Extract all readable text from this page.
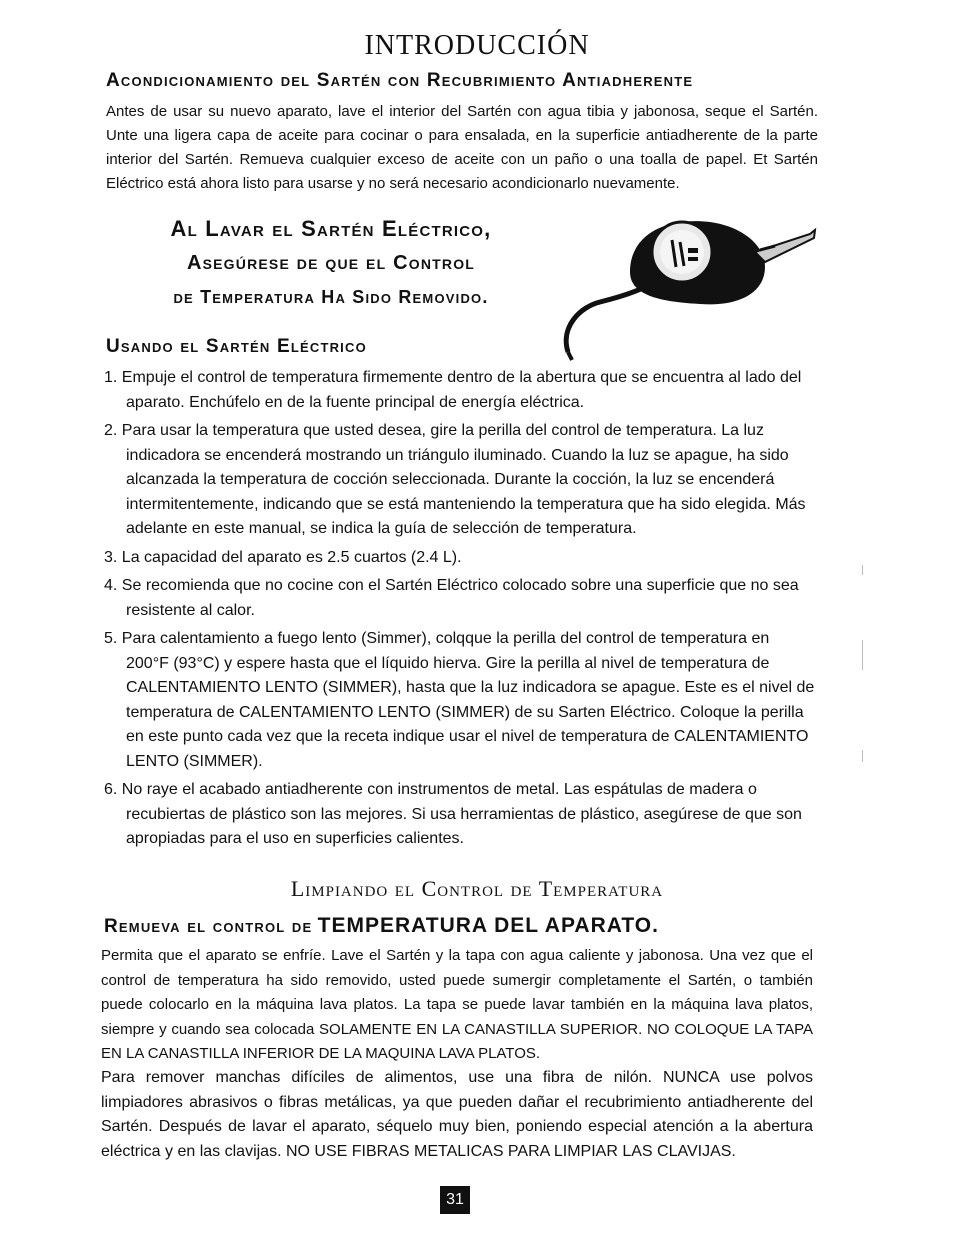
INTRODUCCIÓN
Acondicionamiento del Sartén con Recubrimiento Antiadherente
Antes de usar su nuevo aparato, lave el interior del Sartén con agua tibia y jabonosa, seque el Sartén. Unte una ligera capa de aceite para cocinar o para ensalada, en la superficie antiadherente de la parte interior del Sartén. Remueva cualquier exceso de aceite con un paño o una toalla de papel. Et Sartén Eléctrico está ahora listo para usarse y no será necesario acondicionarlo nuevamente.
Al Lavar el Sartén Eléctrico,
Asegúrese de que el Control
de Temperatura Ha Sido Removido.
Usando el Sartén Eléctrico
1. Empuje el control de temperatura firmemente dentro de la abertura que se encuentra al lado del aparato. Enchúfelo en de la fuente principal de energía eléctrica.
2. Para usar la temperatura que usted desea, gire la perilla del control de temperatura. La luz indicadora se encenderá mostrando un triángulo iluminado. Cuando la luz se apague, ha sido alcanzada la temperatura de cocción seleccionada. Durante la cocción, la luz se encenderá intermitentemente, indicando que se está manteniendo la temperatura que ha sido elegida. Más adelante en este manual, se indica la guía de selección de temperatura.
3. La capacidad del aparato es 2.5 cuartos (2.4 L).
4. Se recomienda que no cocine con el Sartén Eléctrico colocado sobre una superficie que no sea resistente al calor.
5. Para calentamiento a fuego lento (Simmer), colqque la perilla del control de temperatura en 200°F (93°C) y espere hasta que el líquido hierva. Gire la perilla al nivel de temperatura de CALENTAMIENTO LENTO (SIMMER), hasta que la luz indicadora se apague. Este es el nivel de temperatura de CALENTAMIENTO LENTO (SIMMER) de su Sarten Eléctrico. Coloque la perilla en este punto cada vez que la receta indique usar el nivel de temperatura de CALENTAMIENTO LENTO (SIMMER).
6. No raye el acabado antiadherente con instrumentos de metal. Las espátulas de madera o recubiertas de plástico son las mejores. Si usa herramientas de plástico, asegúrese de que son apropiadas para el uso en superficies calientes.
Limpiando el Control de Temperatura
Remueva el control de TEMPERATURA DEL APARATO.
Permita que el aparato se enfríe. Lave el Sartén y la tapa con agua caliente y jabonosa. Una vez que el control de temperatura ha sido removido, usted puede sumergir completamente el Sartén, o también puede colocarlo en la máquina lava platos. La tapa se puede lavar también en la máquina lava platos, siempre y cuando sea colocada SOLAMENTE EN LA CANASTILLA SUPERIOR. NO COLOQUE LA TAPA EN LA CANASTILLA INFERIOR DE LA MAQUINA LAVA PLATOS.
Para remover manchas difíciles de alimentos, use una fibra de nilón. NUNCA use polvos limpiadores abrasivos o fibras metálicas, ya que pueden dañar el recubrimiento antiadherente del Sartén. Después de lavar el aparato, séquelo muy bien, poniendo especial atención a la abertura eléctrica y en las clavijas. NO USE FIBRAS METALICAS PARA LIMPIAR LAS CLAVIJAS.
31
